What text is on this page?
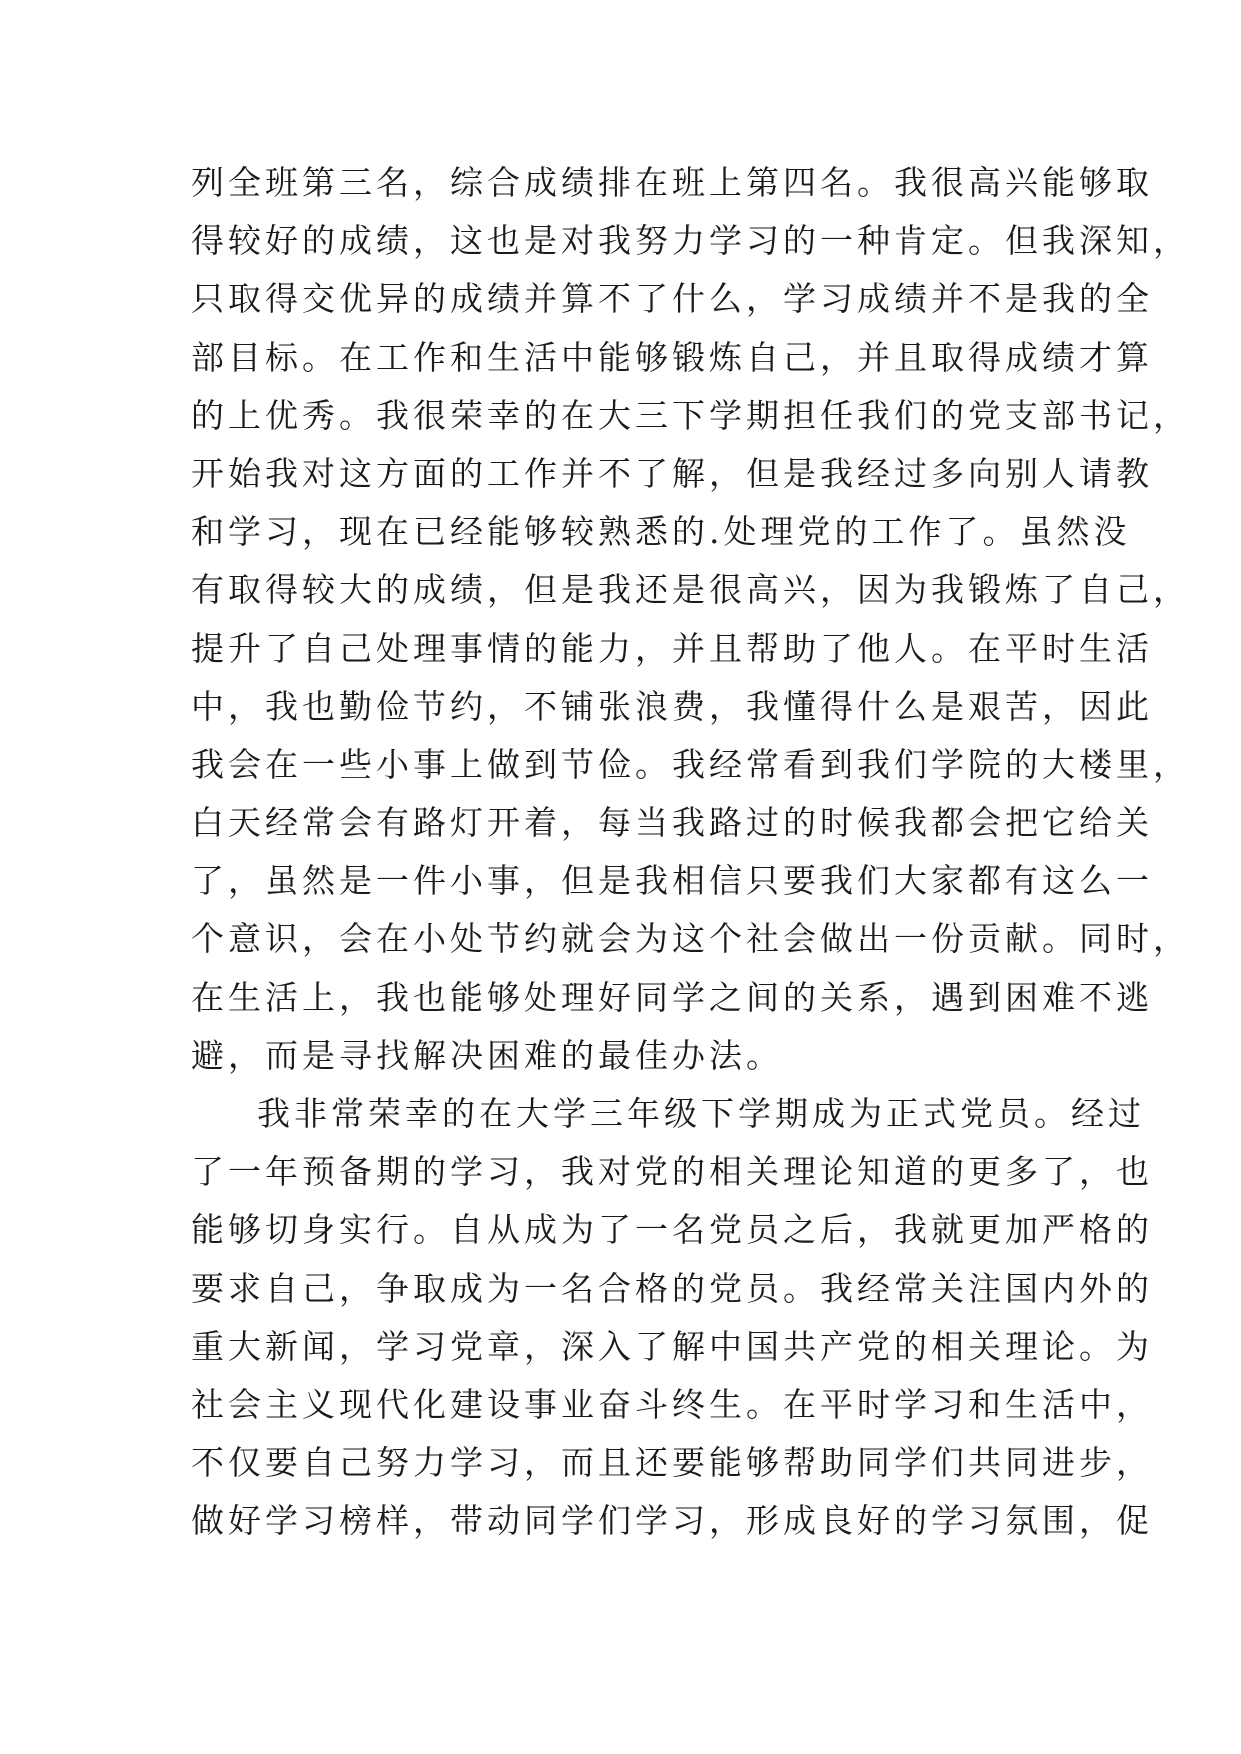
列全班第三名，综合成绩排在班上第四名。我很高兴能够取
得较好的成绩，这也是对我努力学习的一种肯定。但我深知，
只取得交优异的成绩并算不了什么，学习成绩并不是我的全
部目标。在工作和生活中能够锻炼自己，并且取得成绩才算
的上优秀。我很荣幸的在大三下学期担任我们的党支部书记，
开始我对这方面的工作并不了解，但是我经过多向别人请教
和学习，现在已经能够较熟悉的.处理党的工作了。虽然没
有取得较大的成绩，但是我还是很高兴，因为我锻炼了自己，
提升了自己处理事情的能力，并且帮助了他人。在平时生活
中，我也勤俭节约，不铺张浪费，我懂得什么是艰苦，因此
我会在一些小事上做到节俭。我经常看到我们学院的大楼里，
白天经常会有路灯开着，每当我路过的时候我都会把它给关
了，虽然是一件小事，但是我相信只要我们大家都有这么一
个意识，会在小处节约就会为这个社会做出一份贡献。同时，
在生活上，我也能够处理好同学之间的关系，遇到困难不逃
避，而是寻找解决困难的最佳办法。
我非常荣幸的在大学三年级下学期成为正式党员。经过
了一年预备期的学习，我对党的相关理论知道的更多了，也
能够切身实行。自从成为了一名党员之后，我就更加严格的
要求自己，争取成为一名合格的党员。我经常关注国内外的
重大新闻，学习党章，深入了解中国共产党的相关理论。为
社会主义现代化建设事业奋斗终生。在平时学习和生活中，
不仅要自己努力学习，而且还要能够帮助同学们共同进步，
做好学习榜样，带动同学们学习，形成良好的学习氛围，促
